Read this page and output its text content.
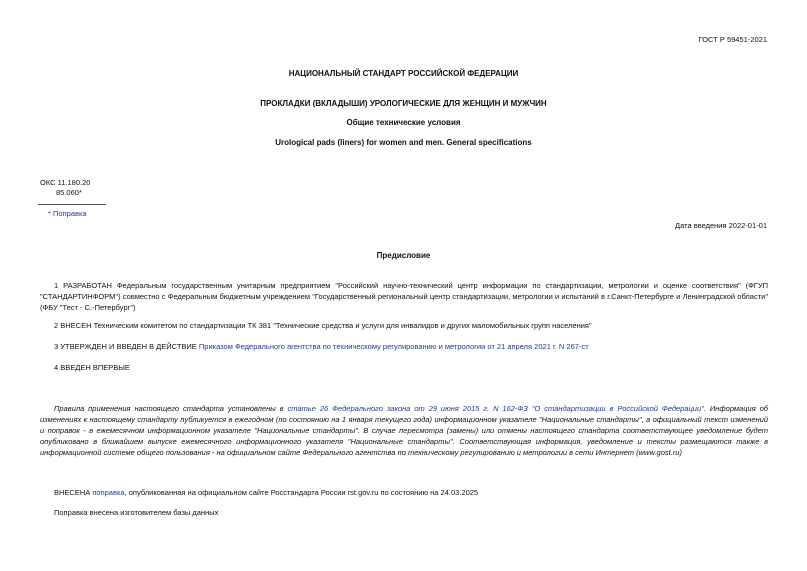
ГОСТ Р 59451-2021
НАЦИОНАЛЬНЫЙ СТАНДАРТ РОССИЙСКОЙ ФЕДЕРАЦИИ
ПРОКЛАДКИ (ВКЛАДЫШИ) УРОЛОГИЧЕСКИЕ ДЛЯ ЖЕНЩИН И МУЖЧИН
Общие технические условия
Urological pads (liners) for women and men. General specifications
ОКС 11.180.20
85.060*
* Поправка
Дата введения 2022-01-01
Предисловие
1 РАЗРАБОТАН Федеральным государственным унитарным предприятием "Российский научно-технический центр информации по стандартизации, метрологии и оценке соответствия" (ФГУП "СТАНДАРТИНФОРМ") совместно с Федеральным бюджетным учреждением "Государственный региональный центр стандартизации, метрологии и испытаний в г.Санкт-Петербурге и Ленинградской области" (ФБУ "Тест - С.-Петербург")
2 ВНЕСЕН Техническим комитетом по стандартизации ТК 381 "Технические средства и услуги для инвалидов и других маломобильных групп населения"
3 УТВЕРЖДЕН И ВВЕДЕН В ДЕЙСТВИЕ Приказом Федерального агентства по техническому регулированию и метрологии от 21 апреля 2021 г. N 267-ст
4 ВВЕДЕН ВПЕРВЫЕ
Правила применения настоящего стандарта установлены в статье 26 Федерального закона от 29 июня 2015 г. N 162-ФЗ "О стандартизации в Российской Федерации". Информация об изменениях к настоящему стандарту публикуется в ежегодном (по состоянию на 1 января текущего года) информационном указателе "Национальные стандарты", а официальный текст изменений и поправок - в ежемесячном информационном указателе "Национальные стандарты". В случае пересмотра (замены) или отмены настоящего стандарта соответствующее уведомление будет опубликовано в ближайшем выпуске ежемесячного информационного указателя "Национальные стандарты". Соответствующая информация, уведомление и тексты размещаются также в информационной системе общего пользования - на официальном сайте Федерального агентства по техническому регулированию и метрологии в сети Интернет (www.gost.ru)
ВНЕСЕНА поправка, опубликованная на официальном сайте Росстандарта России rst.gov.ru по состоянию на 24.03.2025
Поправка внесена изготовителем базы данных
